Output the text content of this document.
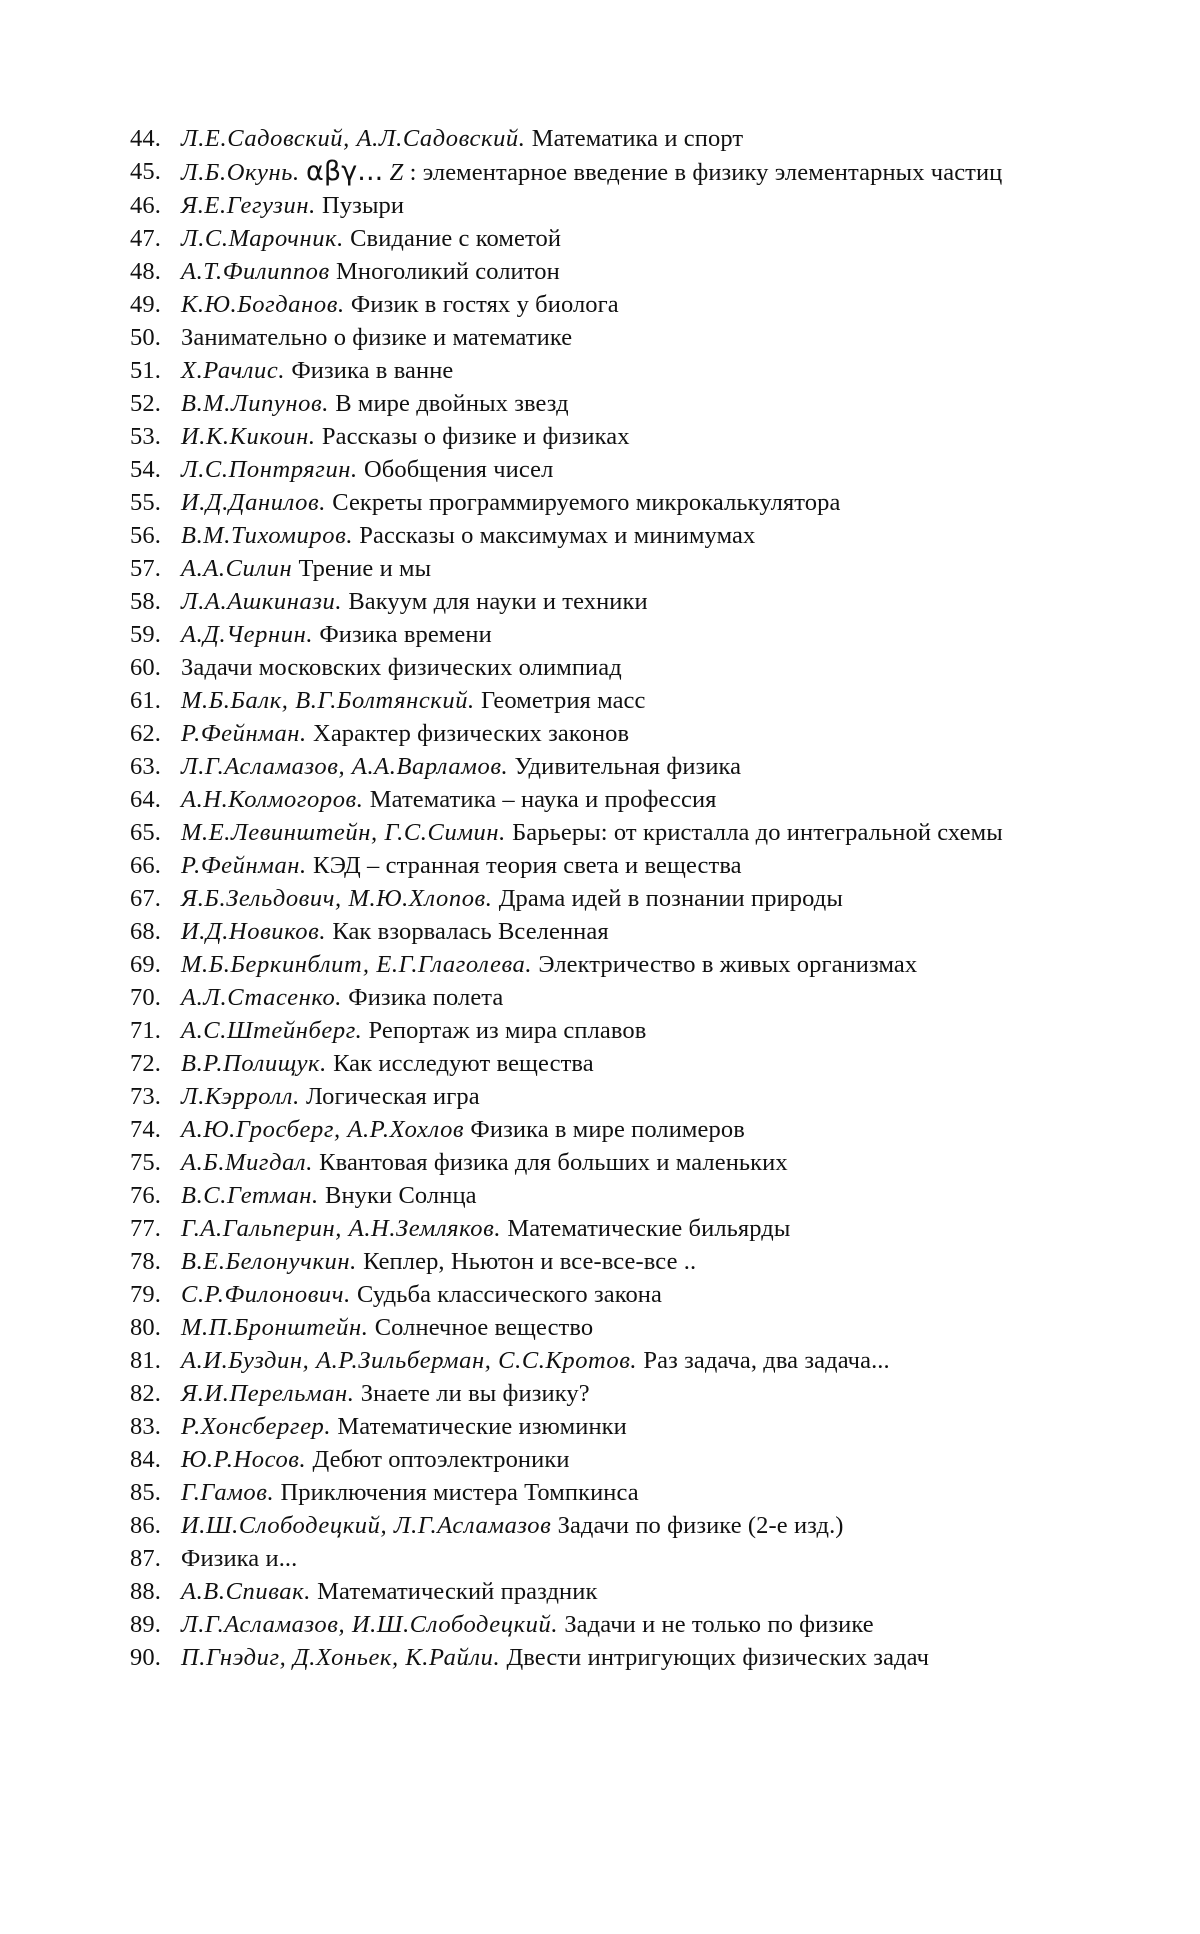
44. Л.Е.Садовский, А.Л.Садовский. Математика и спорт
45. Л.Б.Окунь. αβγ... Z : элементарное введение в физику элементарных частиц
46. Я.Е.Гегузин. Пузыри
47. Л.С.Марочник. Свидание с кометой
48. А.Т.Филиппов Многоликий солитон
49. К.Ю.Богданов. Физик в гостях у биолога
50. Занимательно о физике и математике
51. Х.Рачлис. Физика в ванне
52. В.М.Липунов. В мире двойных звезд
53. И.К.Кикоин. Рассказы о физике и физиках
54. Л.С.Понтрягин. Обобщения чисел
55. И.Д.Данилов. Секреты программируемого микрокалькулятора
56. В.М.Тихомиров. Рассказы о максимумах и минимумах
57. А.А.Силин Трение и мы
58. Л.А.Ашкинази. Вакуум для науки и техники
59. А.Д.Чернин. Физика времени
60. Задачи московских физических олимпиад
61. М.Б.Балк, В.Г.Болтянский. Геометрия масс
62. Р.Фейнман. Характер физических законов
63. Л.Г.Асламазов, А.А.Варламов. Удивительная физика
64. А.Н.Колмогоров. Математика – наука и профессия
65. М.Е.Левинштейн, Г.С.Симин. Барьеры: от кристалла до интегральной схемы
66. Р.Фейнман. КЭД – странная теория света и вещества
67. Я.Б.Зельдович, М.Ю.Хлопов. Драма идей в познании природы
68. И.Д.Новиков. Как взорвалась Вселенная
69. М.Б.Беркинблит, Е.Г.Глаголева. Электричество в живых организмах
70. А.Л.Стасенко. Физика полета
71. А.С.Штейнберг. Репортаж из мира сплавов
72. В.Р.Полищук. Как исследуют вещества
73. Л.Кэрролл. Логическая игра
74. А.Ю.Гросберг, А.Р.Хохлов Физика в мире полимеров
75. А.Б.Мигдал. Квантовая физика для больших и маленьких
76. В.С.Гетман. Внуки Солнца
77. Г.А.Гальперин, А.Н.Земляков. Математические бильярды
78. В.Е.Белонучкин. Кеплер, Ньютон и все-все-все ..
79. С.Р.Филонович. Судьба классического закона
80. М.П.Бронштейн. Солнечное вещество
81. А.И.Буздин, А.Р.Зильберман, С.С.Кротов. Раз задача, два задача...
82. Я.И.Перельман. Знаете ли вы физику?
83. Р.Хонсбергер. Математические изюминки
84. Ю.Р.Носов. Дебют оптоэлектроники
85. Г.Гамов. Приключения мистера Томпкинса
86. И.Ш.Слободецкий, Л.Г.Асламазов Задачи по физике (2-е изд.)
87. Физика и...
88. А.В.Спивак. Математический праздник
89. Л.Г.Асламазов, И.Ш.Слободецкий. Задачи и не только по физике
90. П.Гнэдиг, Д.Хоньек, К.Райли. Двести интригующих физических задач
